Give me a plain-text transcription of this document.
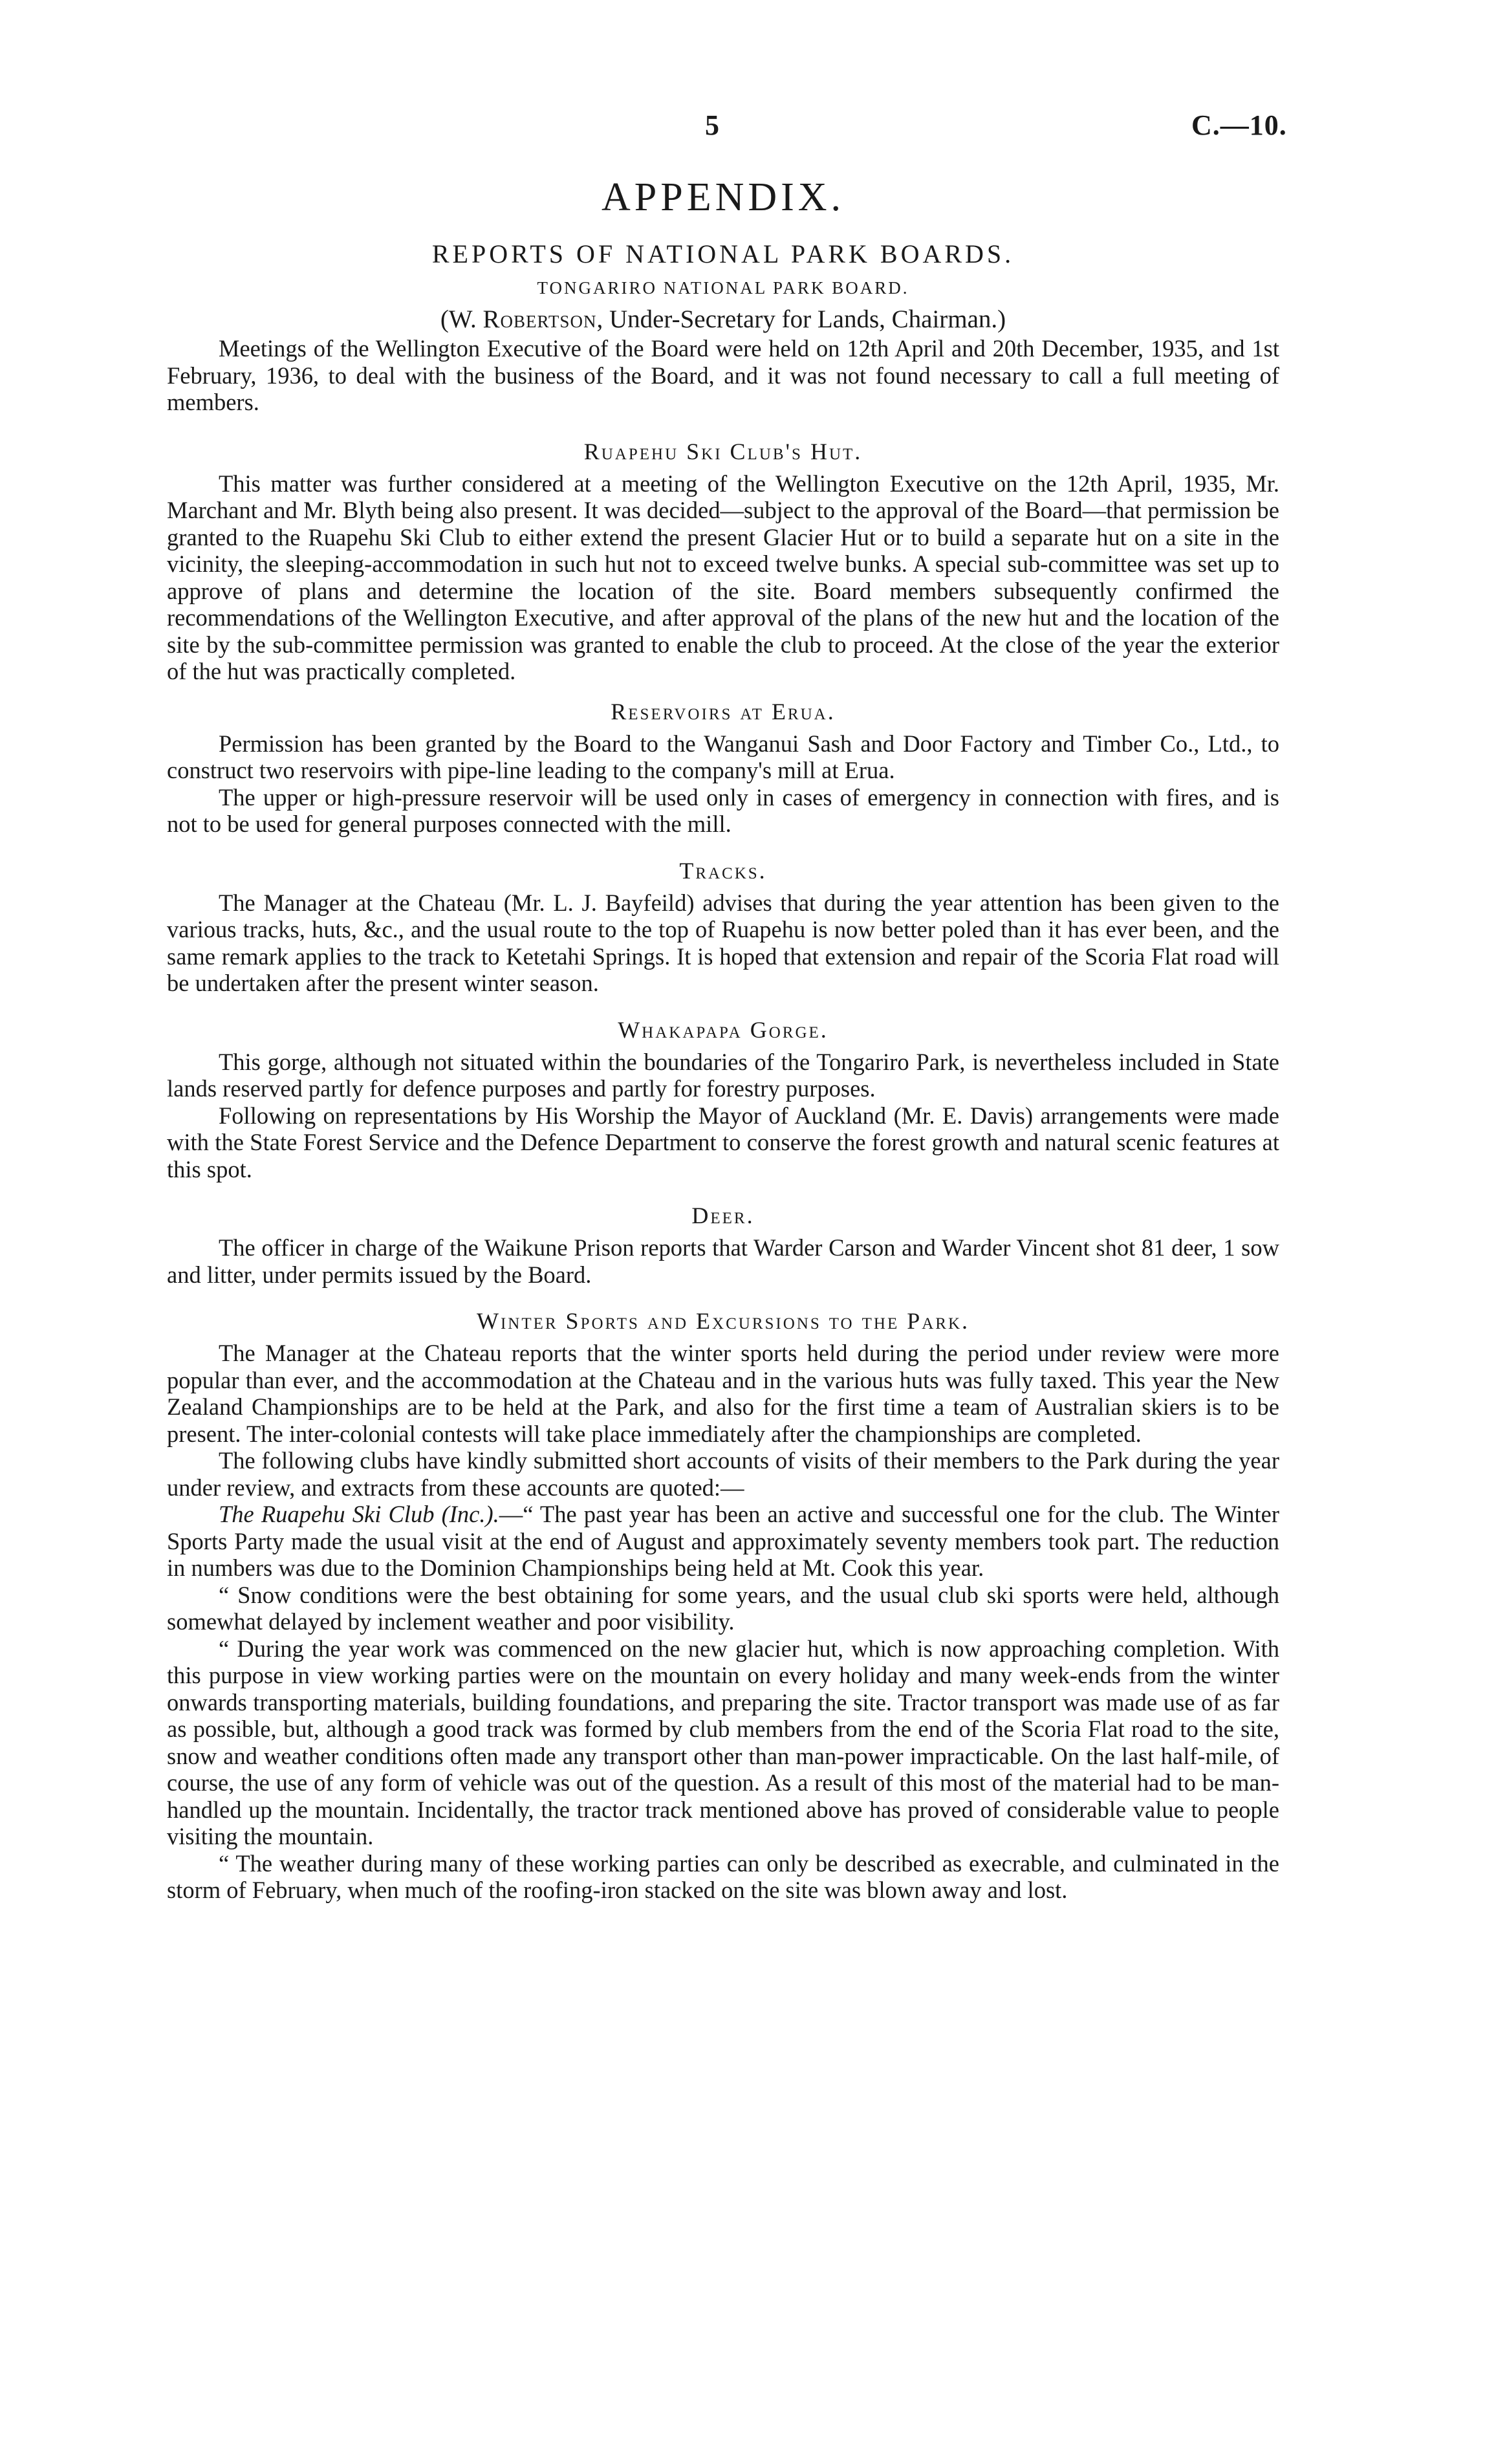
5	C.—10.
APPENDIX.
REPORTS OF NATIONAL PARK BOARDS.
TONGARIRO NATIONAL PARK BOARD.
(W. Robertson, Under-Secretary for Lands, Chairman.)

Meetings of the Wellington Executive of the Board were held on 12th April and 20th December, 1935, and 1st February, 1936, to deal with the business of the Board, and it was not found necessary to call a full meeting of members.

Ruapehu Ski Club's Hut.

This matter was further considered at a meeting of the Wellington Executive on the 12th April, 1935, Mr. Marchant and Mr. Blyth being also present. It was decided—subject to the approval of the Board—that permission be granted to the Ruapehu Ski Club to either extend the present Glacier Hut or to build a separate hut on a site in the vicinity, the sleeping-accommodation in such hut not to exceed twelve bunks. A special sub-committee was set up to approve of plans and determine the location of the site. Board members subsequently confirmed the recommendations of the Wellington Executive, and after approval of the plans of the new hut and the location of the site by the sub-committee permission was granted to enable the club to proceed. At the close of the year the exterior of the hut was practically completed.

Reservoirs at Erua.

Permission has been granted by the Board to the Wanganui Sash and Door Factory and Timber Co., Ltd., to construct two reservoirs with pipe-line leading to the company's mill at Erua.

The upper or high-pressure reservoir will be used only in cases of emergency in connection with fires, and is not to be used for general purposes connected with the mill.

Tracks.

The Manager at the Chateau (Mr. L. J. Bayfeild) advises that during the year attention has been given to the various tracks, huts, &c., and the usual route to the top of Ruapehu is now better poled than it has ever been, and the same remark applies to the track to Ketetahi Springs. It is hoped that extension and repair of the Scoria Flat road will be undertaken after the present winter season.

Whakapapa Gorge.

This gorge, although not situated within the boundaries of the Tongariro Park, is nevertheless included in State lands reserved partly for defence purposes and partly for forestry purposes.

Following on representations by His Worship the Mayor of Auckland (Mr. E. Davis) arrangements were made with the State Forest Service and the Defence Department to conserve the forest growth and natural scenic features at this spot.

Deer.

The officer in charge of the Waikune Prison reports that Warder Carson and Warder Vincent shot 81 deer, 1 sow and litter, under permits issued by the Board.

Winter Sports and Excursions to the Park.

The Manager at the Chateau reports that the winter sports held during the period under review were more popular than ever, and the accommodation at the Chateau and in the various huts was fully taxed. This year the New Zealand Championships are to be held at the Park, and also for the first time a team of Australian skiers is to be present. The inter-colonial contests will take place immediately after the championships are completed.

The following clubs have kindly submitted short accounts of visits of their members to the Park during the year under review, and extracts from these accounts are quoted:—

The Ruapehu Ski Club (Inc.).—“ The past year has been an active and successful one for the club. The Winter Sports Party made the usual visit at the end of August and approximately seventy members took part. The reduction in numbers was due to the Dominion Championships being held at Mt. Cook this year.

“ Snow conditions were the best obtaining for some years, and the usual club ski sports were held, although somewhat delayed by inclement weather and poor visibility.

“ During the year work was commenced on the new glacier hut, which is now approaching completion. With this purpose in view working parties were on the mountain on every holiday and many week-ends from the winter onwards transporting materials, building foundations, and preparing the site. Tractor transport was made use of as far as possible, but, although a good track was formed by club members from the end of the Scoria Flat road to the site, snow and weather conditions often made any transport other than man-power impracticable. On the last half-mile, of course, the use of any form of vehicle was out of the question. As a result of this most of the material had to be man-handled up the mountain. Incidentally, the tractor track mentioned above has proved of considerable value to people visiting the mountain.

“ The weather during many of these working parties can only be described as execrable, and culminated in the storm of February, when much of the roofing-iron stacked on the site was blown away and lost.
